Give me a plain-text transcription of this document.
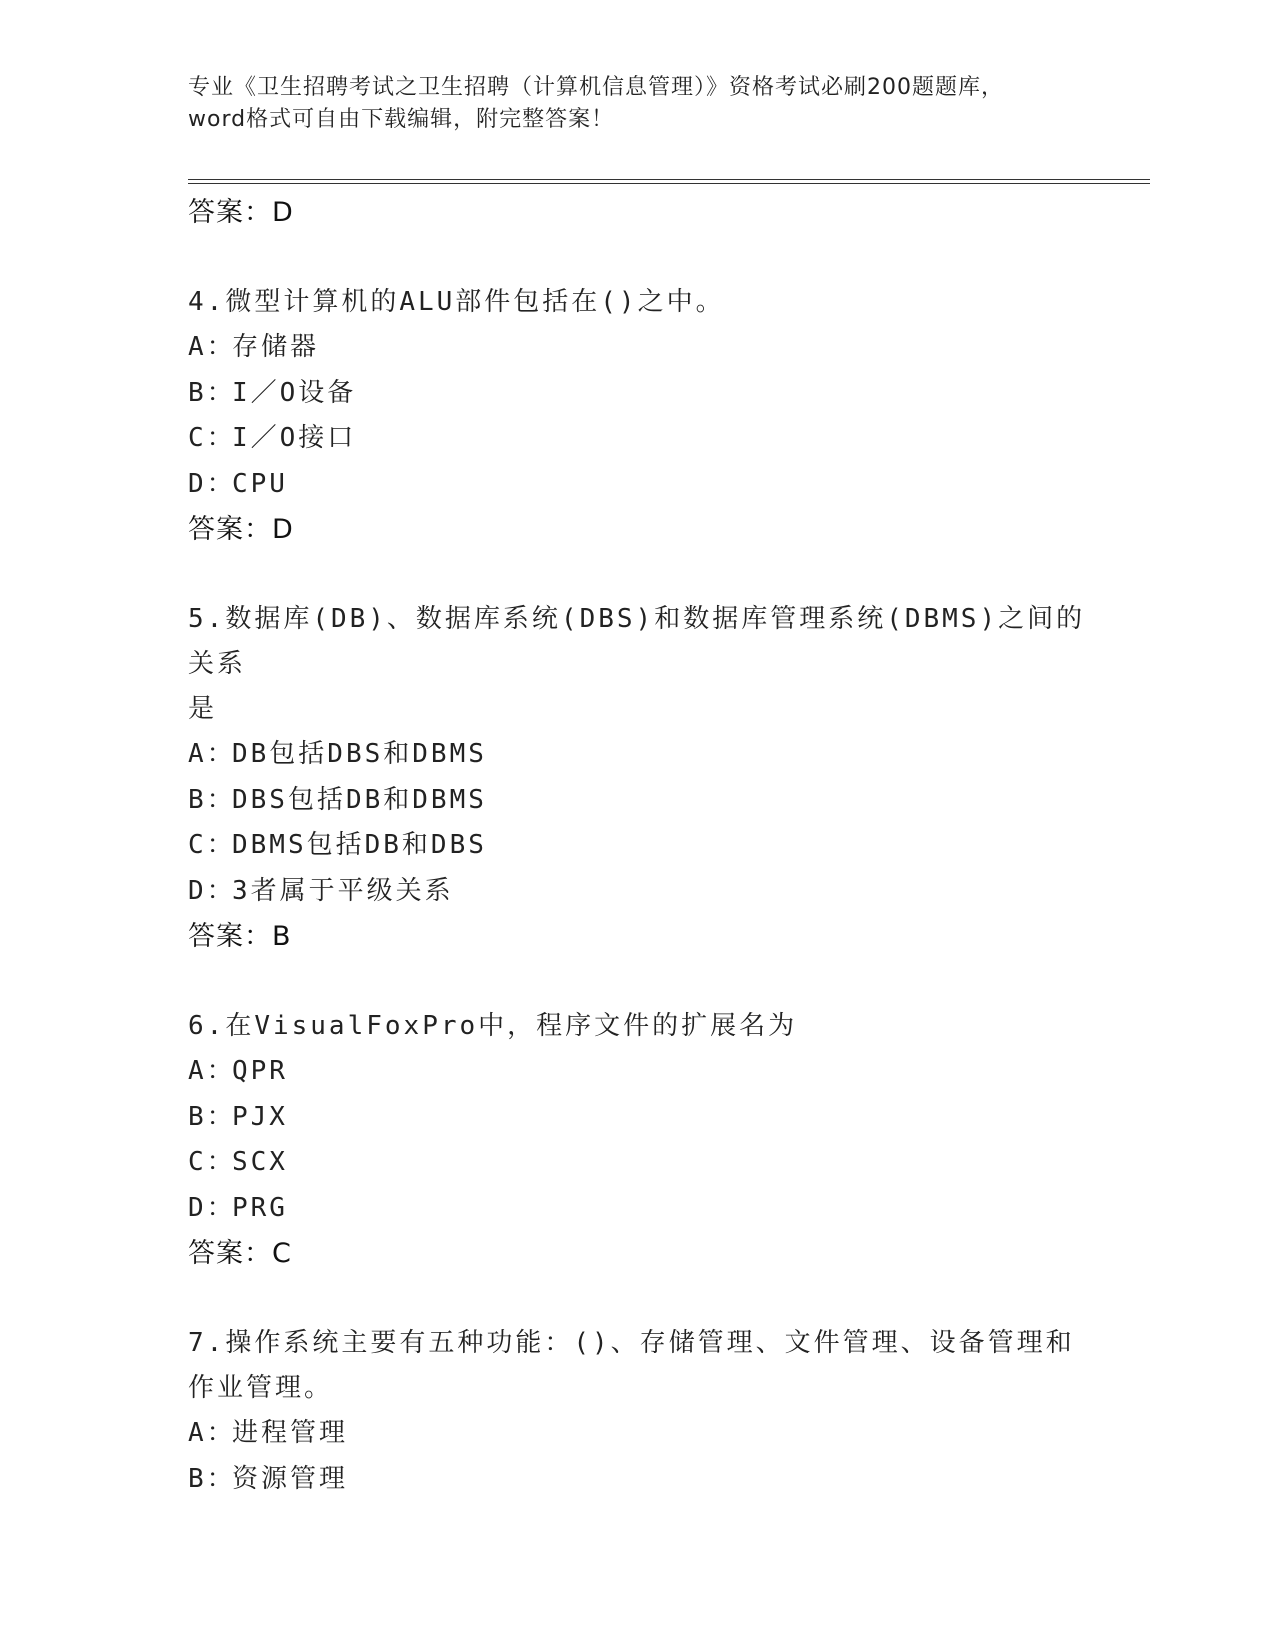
专业《卫生招聘考试之卫生招聘（计算机信息管理）》资格考试必刷200题题库，
word格式可自由下载编辑，附完整答案！
答案：D
4.微型计算机的ALU部件包括在()之中。
A：存储器
B：I／O设备
C：I／O接口
D：CPU
答案：D
5.数据库(DB)、数据库系统(DBS)和数据库管理系统(DBMS)之间的关系
是
A：DB包括DBS和DBMS
B：DBS包括DB和DBMS
C：DBMS包括DB和DBS
D：3者属于平级关系
答案：B
6.在VisualFoxPro中，程序文件的扩展名为
A：QPR
B：PJX
C：SCX
D：PRG
答案：C
7.操作系统主要有五种功能：()、存储管理、文件管理、设备管理和
作业管理。
A：进程管理
B：资源管理
